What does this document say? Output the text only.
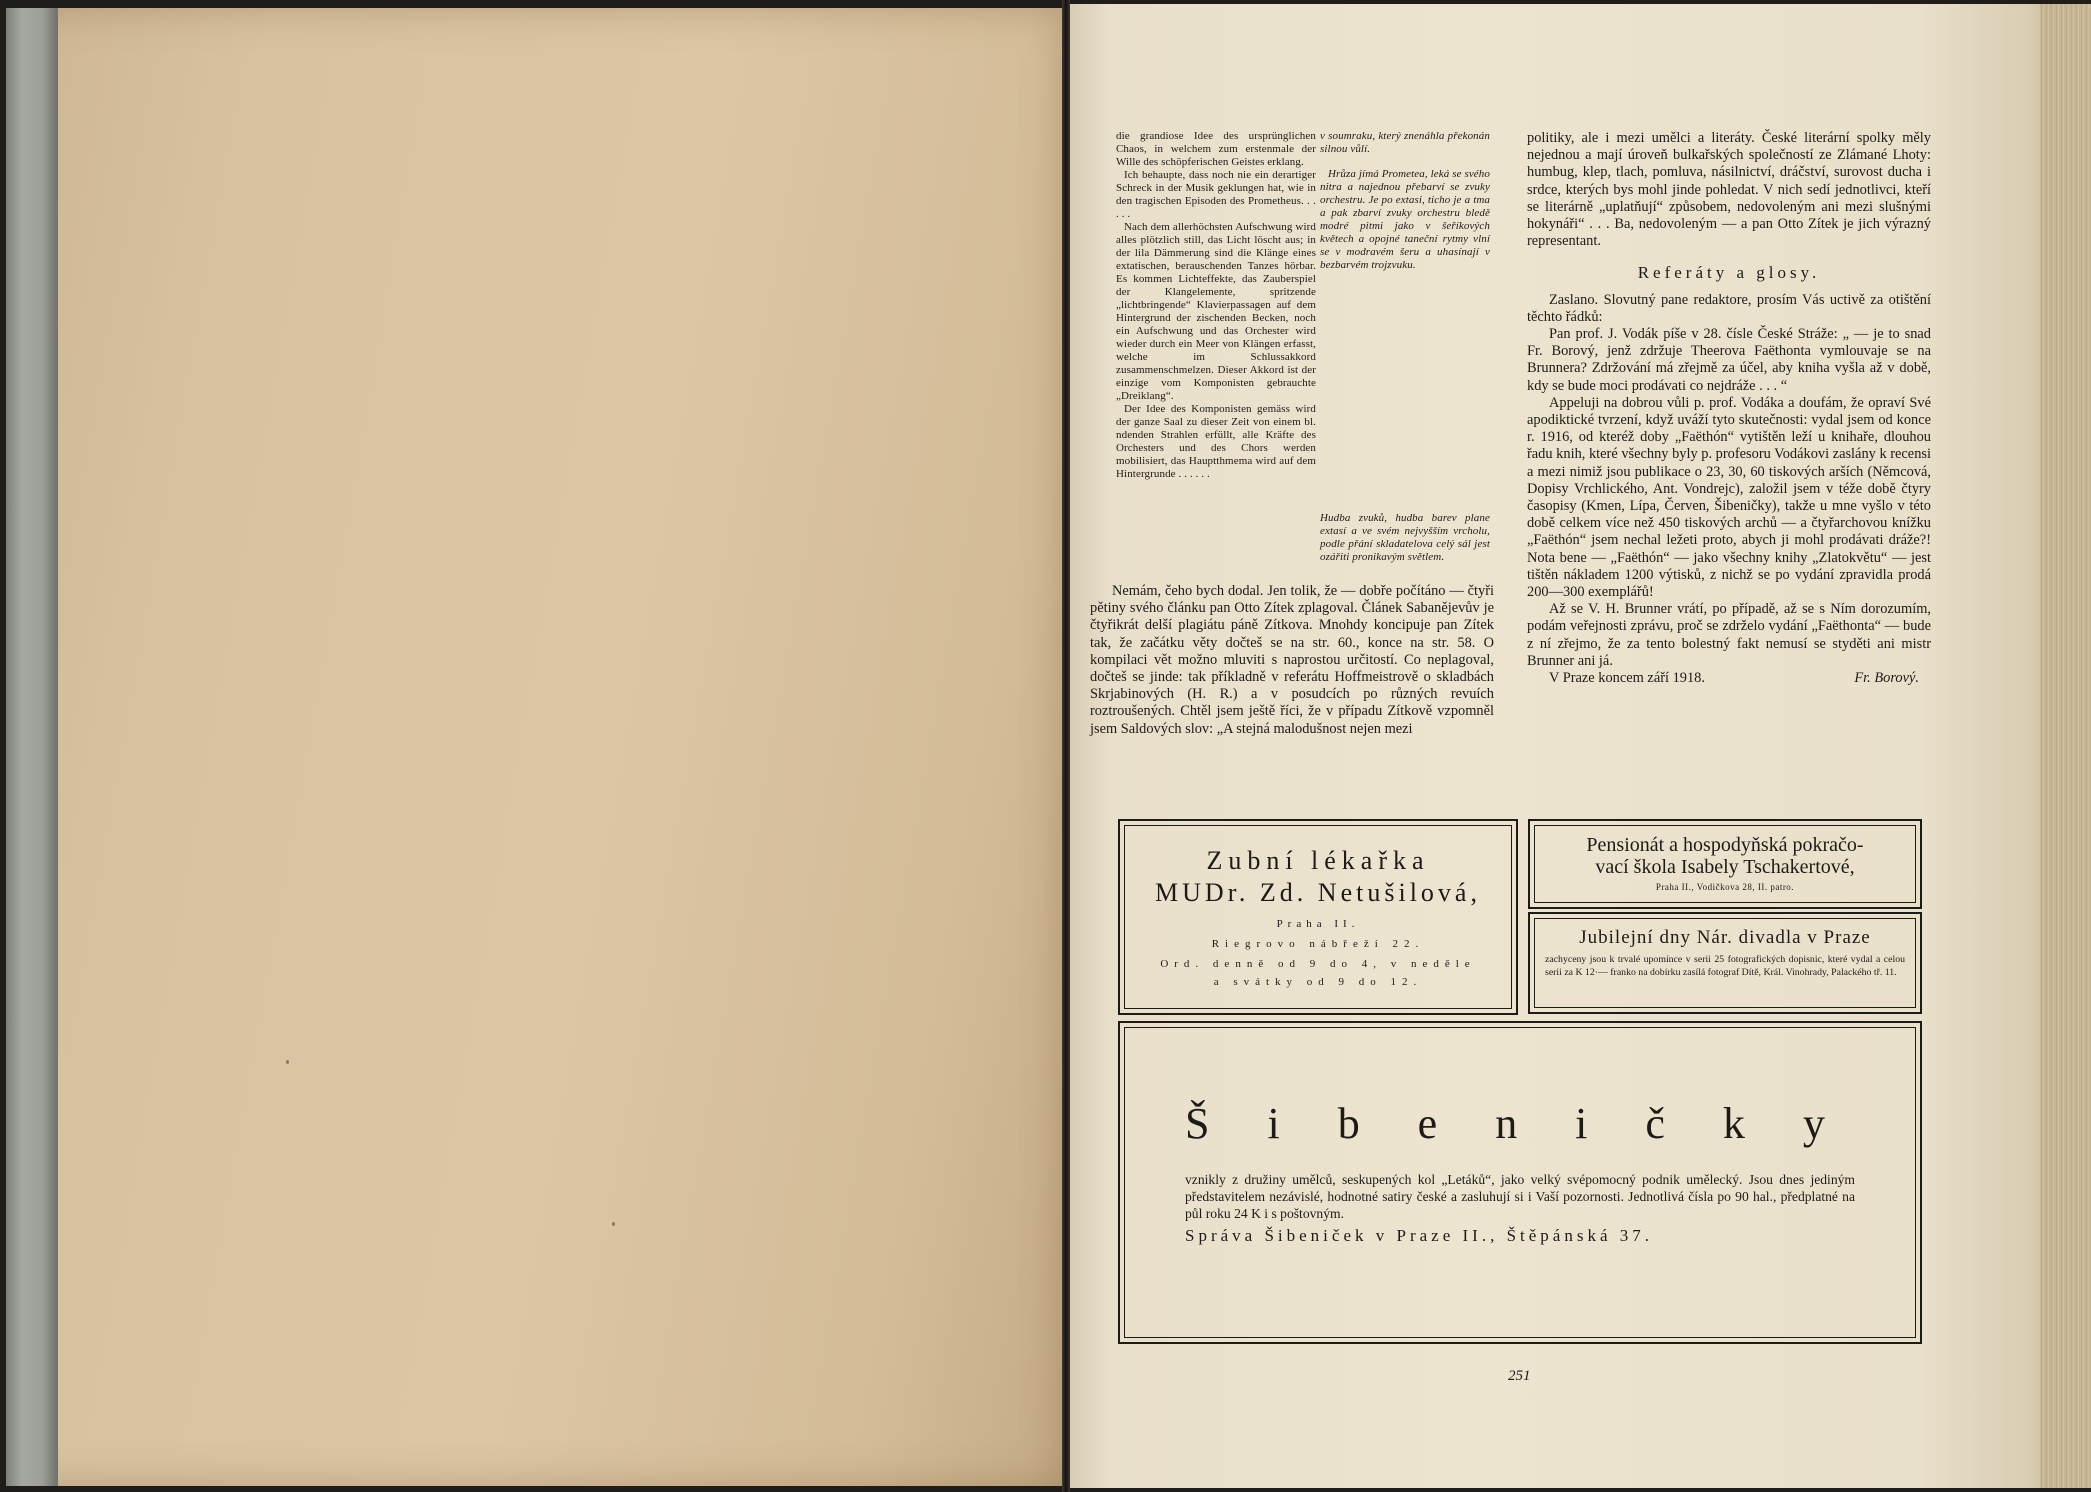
die grandiose Idee des ursprünglichen Chaos, in welchem zum erstenmale der Wille des schöpferischen Geistes erklang.

Ich behaupte, dass noch nie ein derartiger Schreck in der Musik geklungen hat, wie in den tragischen Episoden des Prometheus. . . . . .

Nach dem allerhöchsten Aufschwung wird alles plötzlich still, das Licht löscht aus; in der lila Dämmerung sind die Klänge eines extatischen, berauschenden Tanzes hörbar. Es kommen Lichteffekte, das Zauberspiel der Klangelemente, spritzende „lichtbringende“ Klavierpassagen auf dem Hintergrund der zischenden Becken, noch ein Aufschwung und das Orchester wird wieder durch ein Meer von Klängen erfasst, welche im Schlussakkord zusammenschmelzen. Dieser Akkord ist der einzige vom Komponisten gebrauchte „Dreiklang“.

Der Idee des Komponisten gemäss wird der ganze Saal zu dieser Zeit von einem bl. ndenden Strahlen erfüllt, alle Kräfte des Orchesters und des Chors werden mobilisiert, das Hauptthmema wird auf dem Hintergrunde . . . . . .

v soumraku, který znenáhla překonán silnou vůlí.

Hrůza jímá Prometea, leká se svého nitra a najednou přebarví se zvuky orchestru. Je po extasi, ticho je a tma a pak zbarví zvuky orchestru bledě modré pitmi jako v šeříkových květech a opojné taneční rytmy vlní se v modravém šeru a uhasínají v bezbarvém trojzvuku.

Hudba zvuků, hudba barev plane extasí a ve svém nejvyšším vrcholu, podle přání skladatelova celý sál jest ozářiti pronikavým světlem.

Nemám, čeho bych dodal. Jen tolik, že — dobře počítáno — čtyři pětiny svého článku pan Otto Zítek zplagoval. Článek Sabanějevův je čtyřikrát delší plagiátu páně Zítkova. Mnohdy koncipuje pan Zítek tak, že začátku věty dočteš se na str. 60., konce na str. 58. O kompilaci vět možno mluviti s naprostou určitostí. Co neplagoval, dočteš se jinde: tak příkladně v referátu Hoffmeistrově o skladbách Skrjabinových (H. R.) a v posudcích po různých revuích roztroušených. Chtěl jsem ještě říci, že v případu Zítkově vzpomněl jsem Saldových slov: „A stejná malodušnost nejen mezi

politiky, ale i mezi umělci a literáty. České literární spolky měly nejednou a mají úroveň bulkařských společností ze Zlámané Lhoty: humbug, klep, tlach, pomluva, násilnictví, dráčství, surovost ducha i srdce, kterých bys mohl jinde pohledat. V nich sedí jednotlivci, kteří se literárně „uplatňují“ způsobem, nedovoleným ani mezi slušnými hokynáři“ . . . Ba, nedovoleným — a pan Otto Zítek je jich výrazný representant.

Referáty a glosy.

Zaslano. Slovutný pane redaktore, prosím Vás uctivě za otištění těchto řádků:

Pan prof. J. Vodák píše v 28. čísle České Stráže: „ — je to snad Fr. Borový, jenž zdržuje Theerova Faëthonta vymlouvaje se na Brunnera? Zdržování má zřejmě za účel, aby kniha vyšla až v době, kdy se bude moci prodávati co nejdráže . . . “

Appeluji na dobrou vůli p. prof. Vodáka a doufám, že opraví Své apodiktické tvrzení, když uváží tyto skutečnosti: vydal jsem od konce r. 1916, od kteréž doby „Faëthón“ vytištěn leží u knihaře, dlouhou řadu knih, které všechny byly p. profesoru Vodákovi zaslány k recensi a mezi nimiž jsou publikace o 23, 30, 60 tiskových arších (Němcová, Dopisy Vrchlického, Ant. Vondrejc), založil jsem v téže době čtyry časopisy (Kmen, Lípa, Červen, Šibeničky), takže u mne vyšlo v této době celkem více než 450 tiskových archů — a čtyřarchovou knížku „Faëthón“ jsem nechal ležeti proto, abych ji mohl prodávati dráže?! Nota bene — „Faëthón“ — jako všechny knihy „Zlatokvětu“ — jest tištěn nákladem 1200 výtisků, z nichž se po vydání zpravidla prodá 200—300 exemplářů!

Až se V. H. Brunner vrátí, po případě, až se s Ním dorozumím, podám veřejnosti zprávu, proč se zdrželo vydání „Faëthonta“ — bude z ní zřejmo, že za tento bolestný fakt nemusí se styděti ani mistr Brunner ani já.

V Praze koncem září 1918.	Fr. Borový.
Zubní lékařka
MUDr. Zd. Netušilová,
Praha II.
Riegrovo nábřeží 22.
Ord. denně od 9 do 4, v neděle
a svátky od 9 do 12.
Pensionát a hospodyňská pokračo-
vací škola Isabely Tschakertové,
Praha II., Vodičkova 28, II. patro.
Jubilejní dny Nár. divadla v Praze
zachyceny jsou k trvalé upomínce v serii 25 fotografických dopisnic, které vydal a celou serii za K 12·— franko na dobírku zasílá fotograf Dítě, Král. Vinohrady, Palackého tř. 11.
Š i b e n i č k y
vznikly z družiny umělců, seskupených kol „Letáků“, jako velký svépomocný podnik umělecký. Jsou dnes jediným představitelem nezávislé, hodnotné satiry české a zasluhují si i Vaší pozornosti. Jednotlivá čísla po 90 hal., předplatné na půl roku 24 K i s poštovným.
Správa Šibeniček v Praze II., Štěpánská 37.
251
